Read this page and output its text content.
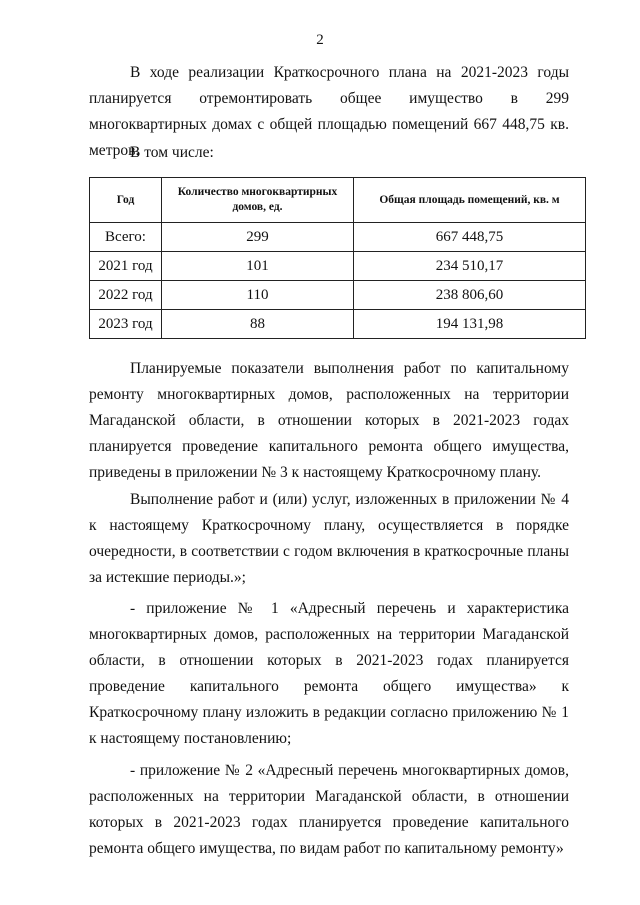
2

В ходе реализации Краткосрочного плана на 2021-2023 годы планируется отремонтировать общее имущество в 299 многоквартирных домах с общей площадью помещений 667 448,75 кв. метров.

В том числе:

Год	Количество многоквартирных домов, ед.	Общая площадь помещений, кв. м
Всего:	299	667 448,75
2021 год	101	234 510,17
2022 год	110	238 806,60
2023 год	88	194 131,98

Планируемые показатели выполнения работ по капитальному ремонту многоквартирных домов, расположенных на территории Магаданской области, в отношении которых в 2021-2023 годах планируется проведение капитального ремонта общего имущества, приведены в приложении № 3 к настоящему Краткосрочному плану.

Выполнение работ и (или) услуг, изложенных в приложении № 4 к настоящему Краткосрочному плану, осуществляется в порядке очередности, в соответствии с годом включения в краткосрочные планы за истекшие периоды.»;

- приложение № 1 «Адресный перечень и характеристика многоквартирных домов, расположенных на территории Магаданской области, в отношении которых в 2021-2023 годах планируется проведение капитального ремонта общего имущества» к Краткосрочному плану изложить в редакции согласно приложению № 1 к настоящему постановлению;

- приложение № 2 «Адресный перечень многоквартирных домов, расположенных на территории Магаданской области, в отношении которых в 2021-2023 годах планируется проведение капитального ремонта общего имущества, по видам работ по капитальному ремонту»
